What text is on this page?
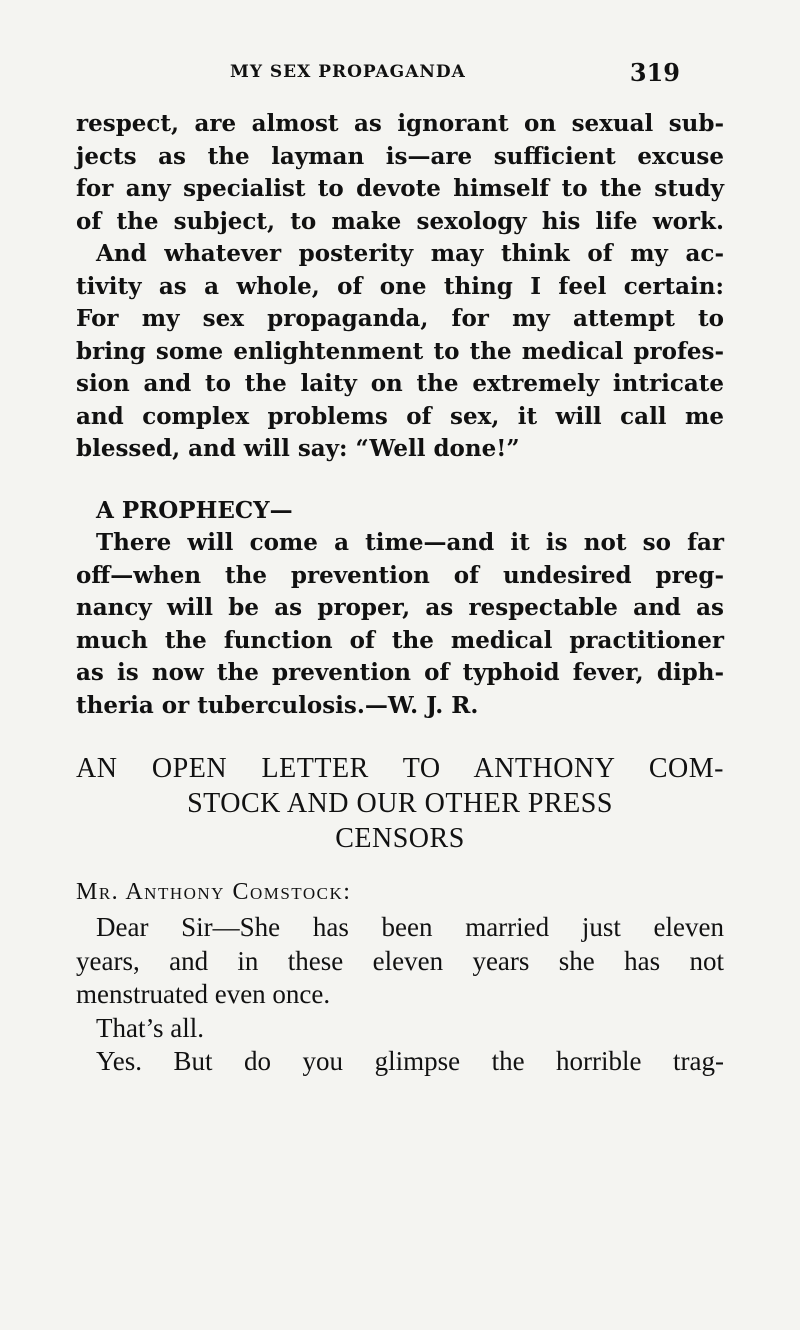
MY SEX PROPAGANDA	319
respect, are almost as ignorant on sexual sub-
jects as the layman is—are sufficient excuse
for any specialist to devote himself to the study
of the subject, to make sexology his life work.
And whatever posterity may think of my ac-
tivity as a whole, of one thing I feel certain:
For my sex propaganda, for my attempt to
bring some enlightenment to the medical profes-
sion and to the laity on the extremely intricate
and complex problems of sex, it will call me
blessed, and will say: “Well done!”
A PROPHECY—
There will come a time—and it is not so far
off—when the prevention of undesired preg-
nancy will be as proper, as respectable and as
much the function of the medical practitioner
as is now the prevention of typhoid fever, diph-
theria or tuberculosis.—W. J. R.
AN OPEN LETTER TO ANTHONY COM-
STOCK AND OUR OTHER PRESS
CENSORS
Mr. Anthony Comstock:
Dear Sir—She has been married just eleven
years, and in these eleven years she has not
menstruated even once.
That’s all.
Yes. But do you glimpse the horrible trag-
